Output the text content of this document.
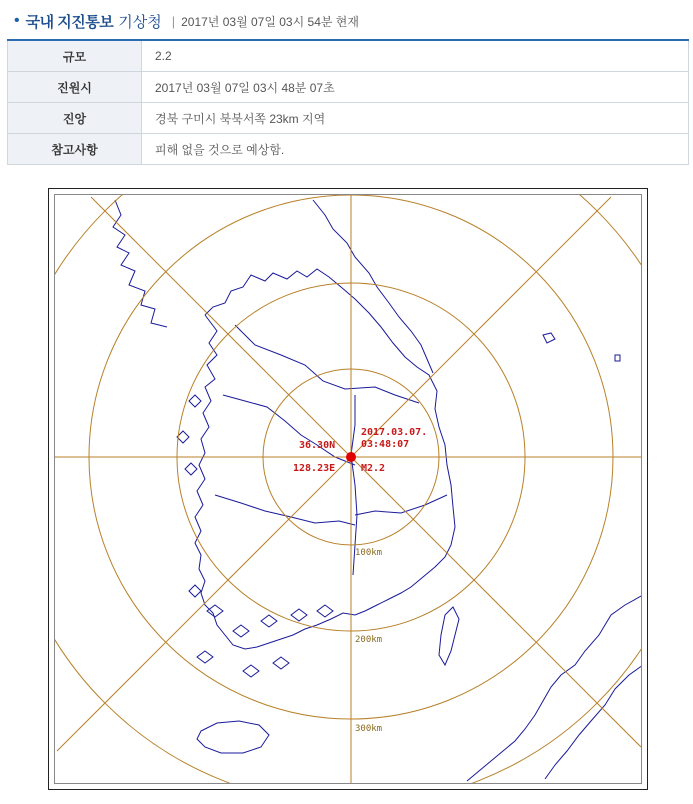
• 국내 지진통보 기상청 | 2017년 03월 07일 03시 54분 현재
규모	2.2
진원시	2017년 03월 07일 03시 48분 07초
진앙	경북 구미시 북북서쪽 23km 지역
참고사항	피해 없을 것으로 예상함.
100km
200km
300km
36.30N
128.23E
2017.03.07.
03:48:07
M2.2
